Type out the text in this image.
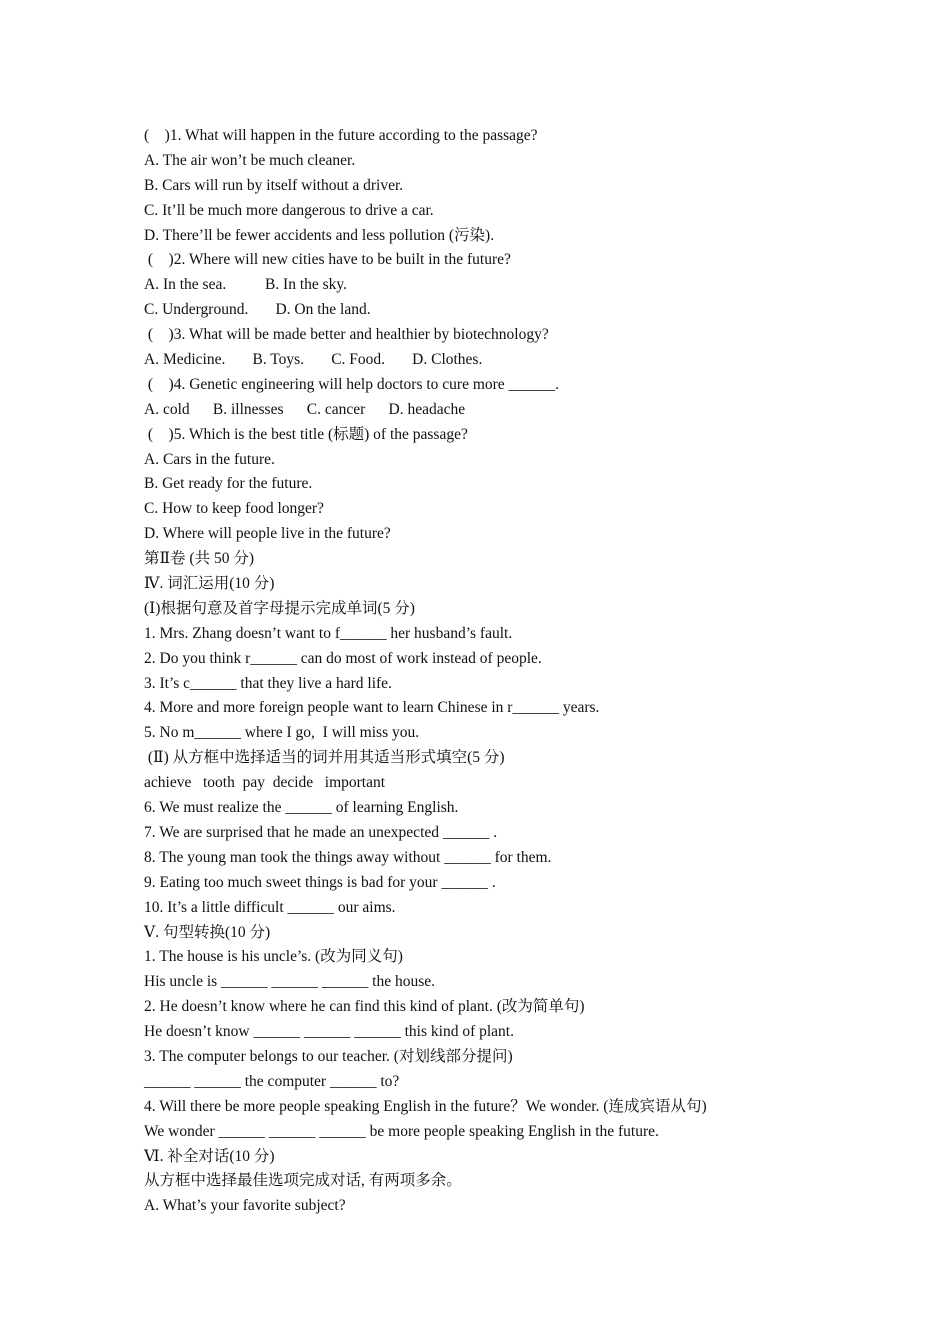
(    )1. What will happen in the future according to the passage?
A. The air won’t be much cleaner.
B. Cars will run by itself without a driver.
C. It’ll be much more dangerous to drive a car.
D. There’ll be fewer accidents and less pollution (污染).
(    )2. Where will new cities have to be built in the future?
A. In the sea.          B. In the sky.
C. Underground.       D. On the land.
(    )3. What will be made better and healthier by biotechnology?
A. Medicine.       B. Toys.       C. Food.       D. Clothes.
(    )4. Genetic engineering will help doctors to cure more ______.
A. cold      B. illnesses      C. cancer      D. headache
(    )5. Which is the best title (标题) of the passage?
A. Cars in the future.
B. Get ready for the future.
C. How to keep food longer?
D. Where will people live in the future?
第Ⅱ卷 (共 50 分)
Ⅳ. 词汇运用(10 分)
(Ⅰ)根据句意及首字母提示完成单词(5 分)
1. Mrs. Zhang doesn’t want to f______ her husband’s fault.
2. Do you think r______ can do most of work instead of people.
3. It’s c______ that they live a hard life.
4. More and more foreign people want to learn Chinese in r______ years.
5. No m______ where I go,  I will miss you.
(Ⅱ) 从方框中选择适当的词并用其适当形式填空(5 分)
achieve   tooth  pay  decide   important
6. We must realize the ______ of learning English.
7. We are surprised that he made an unexpected ______ .
8. The young man took the things away without ______ for them.
9. Eating too much sweet things is bad for your ______ .
10. It’s a little difficult ______ our aims.
Ⅴ. 句型转换(10 分)
1. The house is his uncle’s. (改为同义句)
His uncle is ______ ______ ______ the house.
2. He doesn’t know where he can find this kind of plant. (改为简单句)
He doesn’t know ______ ______ ______ this kind of plant.
3. The computer belongs to our teacher. (对划线部分提问)
______ ______ the computer ______ to?
4. Will there be more people speaking English in the future？We wonder. (连成宾语从句)
We wonder ______ ______ ______ be more people speaking English in the future.
Ⅵ. 补全对话(10 分)
从方框中选择最佳选项完成对话, 有两项多余。
A. What’s your favorite subject?
